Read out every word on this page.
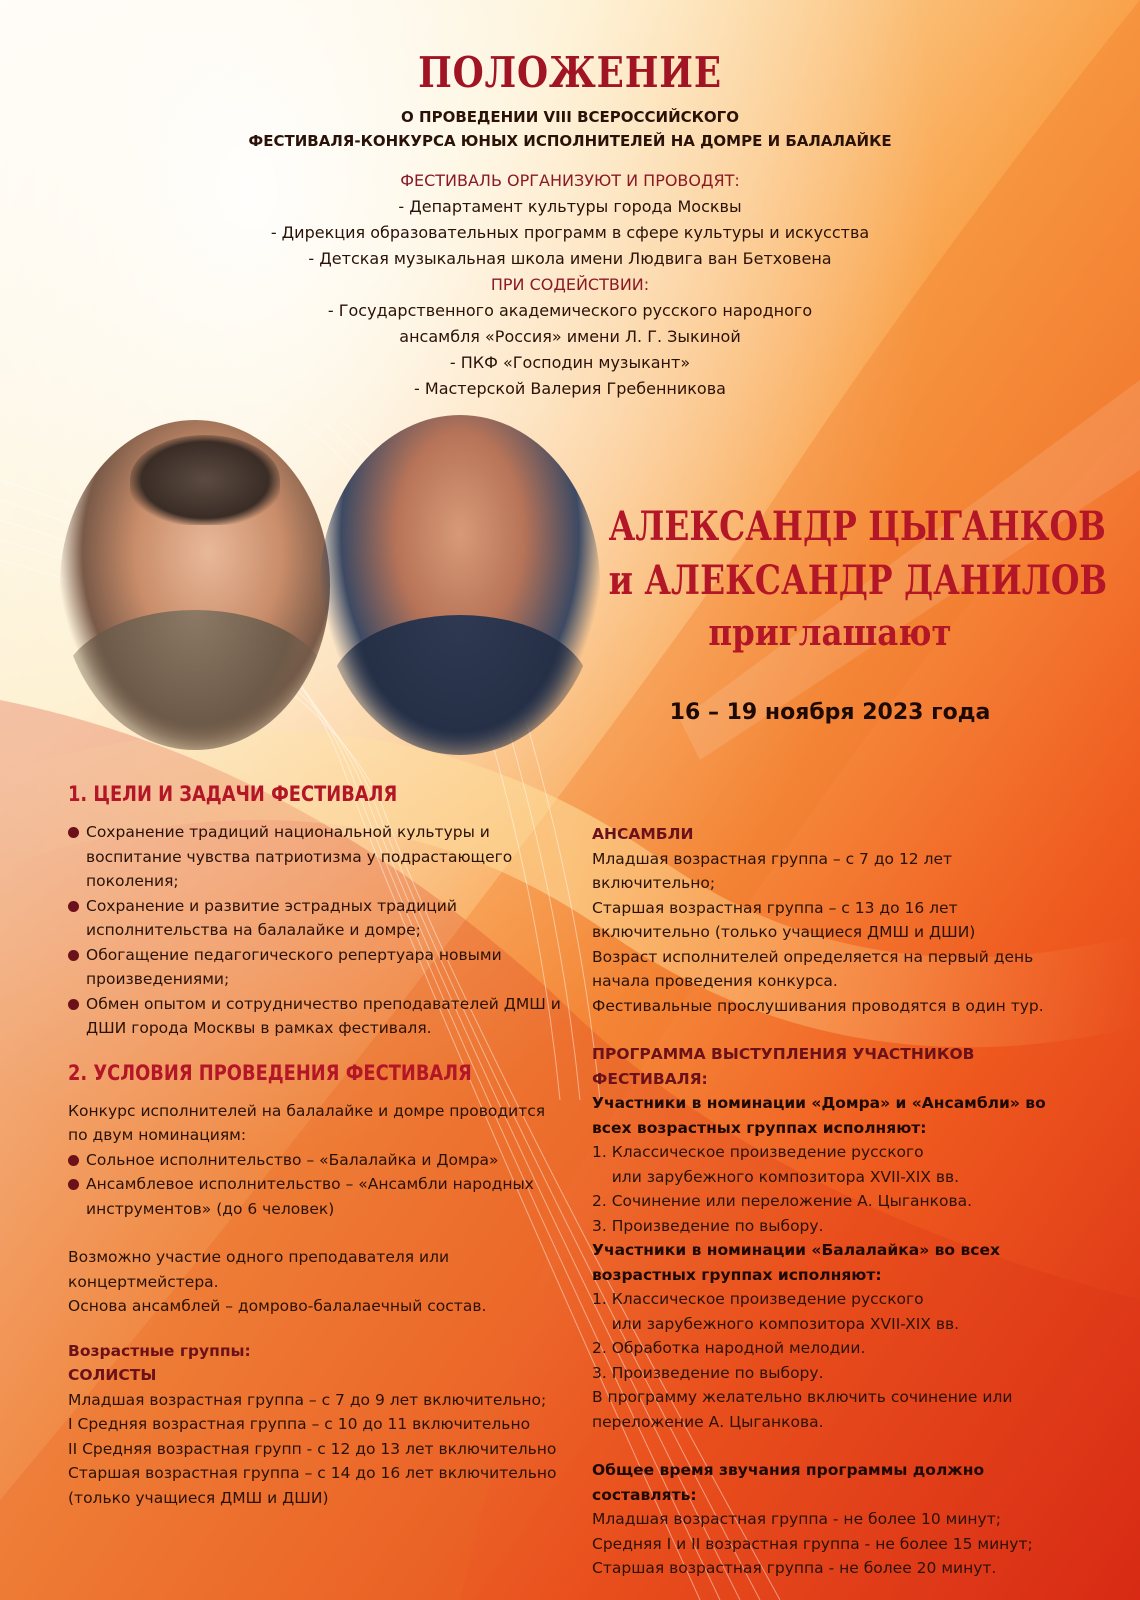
ПОЛОЖЕНИЕ
О ПРОВЕДЕНИИ VIII ВСЕРОССИЙСКОГО
ФЕСТИВАЛЯ-КОНКУРСА ЮНЫХ ИСПОЛНИТЕЛЕЙ НА ДОМРЕ И БАЛАЛАЙКЕ
ФЕСТИВАЛЬ ОРГАНИЗУЮТ И ПРОВОДЯТ:
- Департамент культуры города Москвы
- Дирекция образовательных программ в сфере культуры и искусства
- Детская музыкальная школа имени Людвига ван Бетховена
ПРИ СОДЕЙСТВИИ:
- Государственного академического русского народного
ансамбля «Россия» имени Л. Г. Зыкиной
- ПКФ «Господин музыкант»
- Мастерской Валерия Гребенникова
АЛЕКСАНДР ЦЫГАНКОВ
и АЛЕКСАНДР ДАНИЛОВ
приглашают
16 – 19 ноября 2023 года
1. ЦЕЛИ И ЗАДАЧИ ФЕСТИВАЛЯ
Сохранение традиций национальной культуры и воспитание чувства патриотизма у подрастающего поколения;
Сохранение и развитие эстрадных традиций исполнительства на балалайке и домре;
Обогащение педагогического репертуара новыми произведениями;
Обмен опытом и сотрудничество преподавателей ДМШ и ДШИ города Москвы в рамках фестиваля.
2. УСЛОВИЯ ПРОВЕДЕНИЯ ФЕСТИВАЛЯ
Конкурс исполнителей на балалайке и домре проводится по двум номинациям:
Сольное исполнительство – «Балалайка и Домра»
Ансамблевое исполнительство – «Ансамбли народных инструментов» (до 6 человек)
Возможно участие одного преподавателя или концертмейстера.
Основа ансамблей – домрово-балалаечный состав.
Возрастные группы:
СОЛИСТЫ
Младшая возрастная группа – с 7 до 9 лет включительно;
I Средняя возрастная группа – с 10 до 11 включительно
II Средняя возрастная групп - с 12 до 13 лет включительно
Старшая возрастная группа – с 14 до 16 лет включительно
(только учащиеся ДМШ и ДШИ)
АНСАМБЛИ
Младшая возрастная группа – с 7 до 12 лет
включительно;
Старшая возрастная группа – с 13 до 16 лет
включительно (только учащиеся ДМШ и ДШИ)
Возраст исполнителей определяется на первый день
начала проведения конкурса.
Фестивальные прослушивания проводятся в один тур.
ПРОГРАММА ВЫСТУПЛЕНИЯ УЧАСТНИКОВ ФЕСТИВАЛЯ:
Участники в номинации «Домра» и «Ансамбли» во
всех возрастных группах исполняют:
1. Классическое произведение русского
или зарубежного композитора XVII-XIX вв.
2. Сочинение или переложение А. Цыганкова.
3. Произведение по выбору.
Участники в номинации «Балалайка» во всех
возрастных группах исполняют:
1. Классическое произведение русского
или зарубежного композитора XVII-XIX вв.
2. Обработка народной мелодии.
3. Произведение по выбору.
В программу желательно включить сочинение или
переложение А. Цыганкова.
Общее время звучания программы должно составлять:
Младшая возрастная группа - не более 10 минут;
Средняя I и II возрастная группа - не более 15 минут;
Старшая возрастная группа - не более 20 минут.
